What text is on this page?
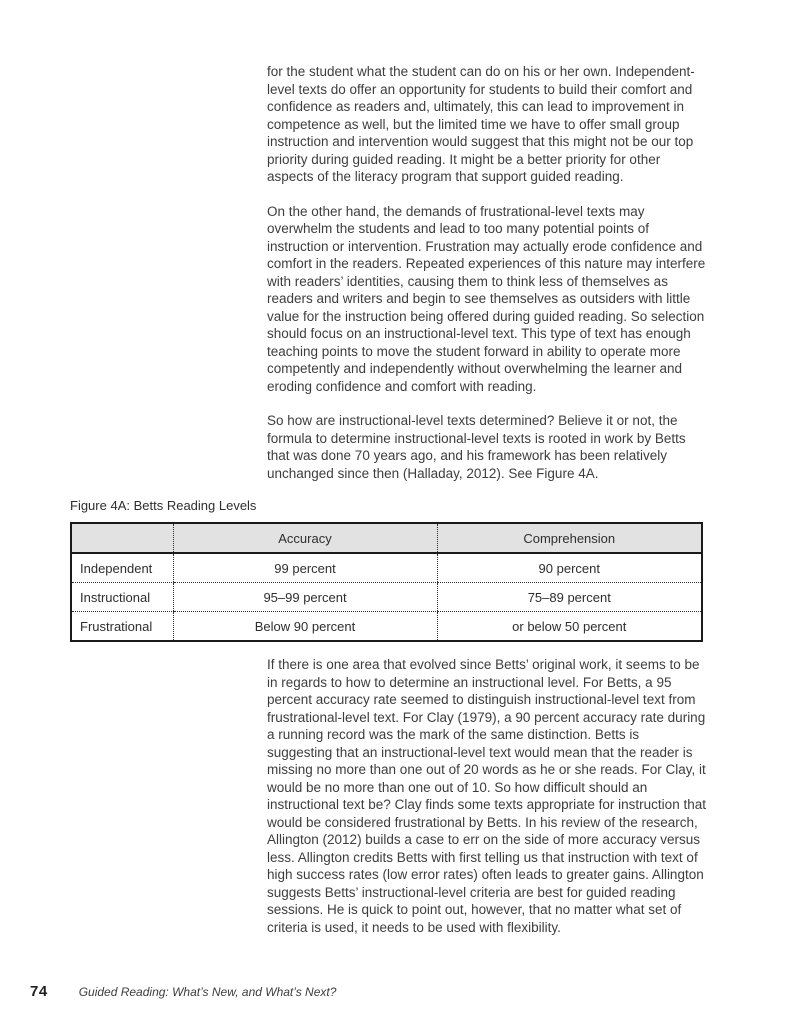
for the student what the student can do on his or her own. Independent-level texts do offer an opportunity for students to build their comfort and confidence as readers and, ultimately, this can lead to improvement in competence as well, but the limited time we have to offer small group instruction and intervention would suggest that this might not be our top priority during guided reading. It might be a better priority for other aspects of the literacy program that support guided reading.

On the other hand, the demands of frustrational-level texts may overwhelm the students and lead to too many potential points of instruction or intervention. Frustration may actually erode confidence and comfort in the readers. Repeated experiences of this nature may interfere with readers’ identities, causing them to think less of themselves as readers and writers and begin to see themselves as outsiders with little value for the instruction being offered during guided reading. So selection should focus on an instructional-level text. This type of text has enough teaching points to move the student forward in ability to operate more competently and independently without overwhelming the learner and eroding confidence and comfort with reading.

So how are instructional-level texts determined? Believe it or not, the formula to determine instructional-level texts is rooted in work by Betts that was done 70 years ago, and his framework has been relatively unchanged since then (Halladay, 2012). See Figure 4A.

Figure 4A: Betts Reading Levels
	Accuracy	Comprehension
Independent	99 percent	90 percent
Instructional	95–99 percent	75–89 percent
Frustrational	Below 90 percent	or below 50 percent

If there is one area that evolved since Betts’ original work, it seems to be in regards to how to determine an instructional level. For Betts, a 95 percent accuracy rate seemed to distinguish instructional-level text from frustrational-level text. For Clay (1979), a 90 percent accuracy rate during a running record was the mark of the same distinction. Betts is suggesting that an instructional-level text would mean that the reader is missing no more than one out of 20 words as he or she reads. For Clay, it would be no more than one out of 10. So how difficult should an instructional text be? Clay finds some texts appropriate for instruction that would be considered frustrational by Betts. In his review of the research, Allington (2012) builds a case to err on the side of more accuracy versus less. Allington credits Betts with first telling us that instruction with text of high success rates (low error rates) often leads to greater gains. Allington suggests Betts’ instructional-level criteria are best for guided reading sessions. He is quick to point out, however, that no matter what set of criteria is used, it needs to be used with flexibility.

74	Guided Reading: What’s New, and What’s Next?
